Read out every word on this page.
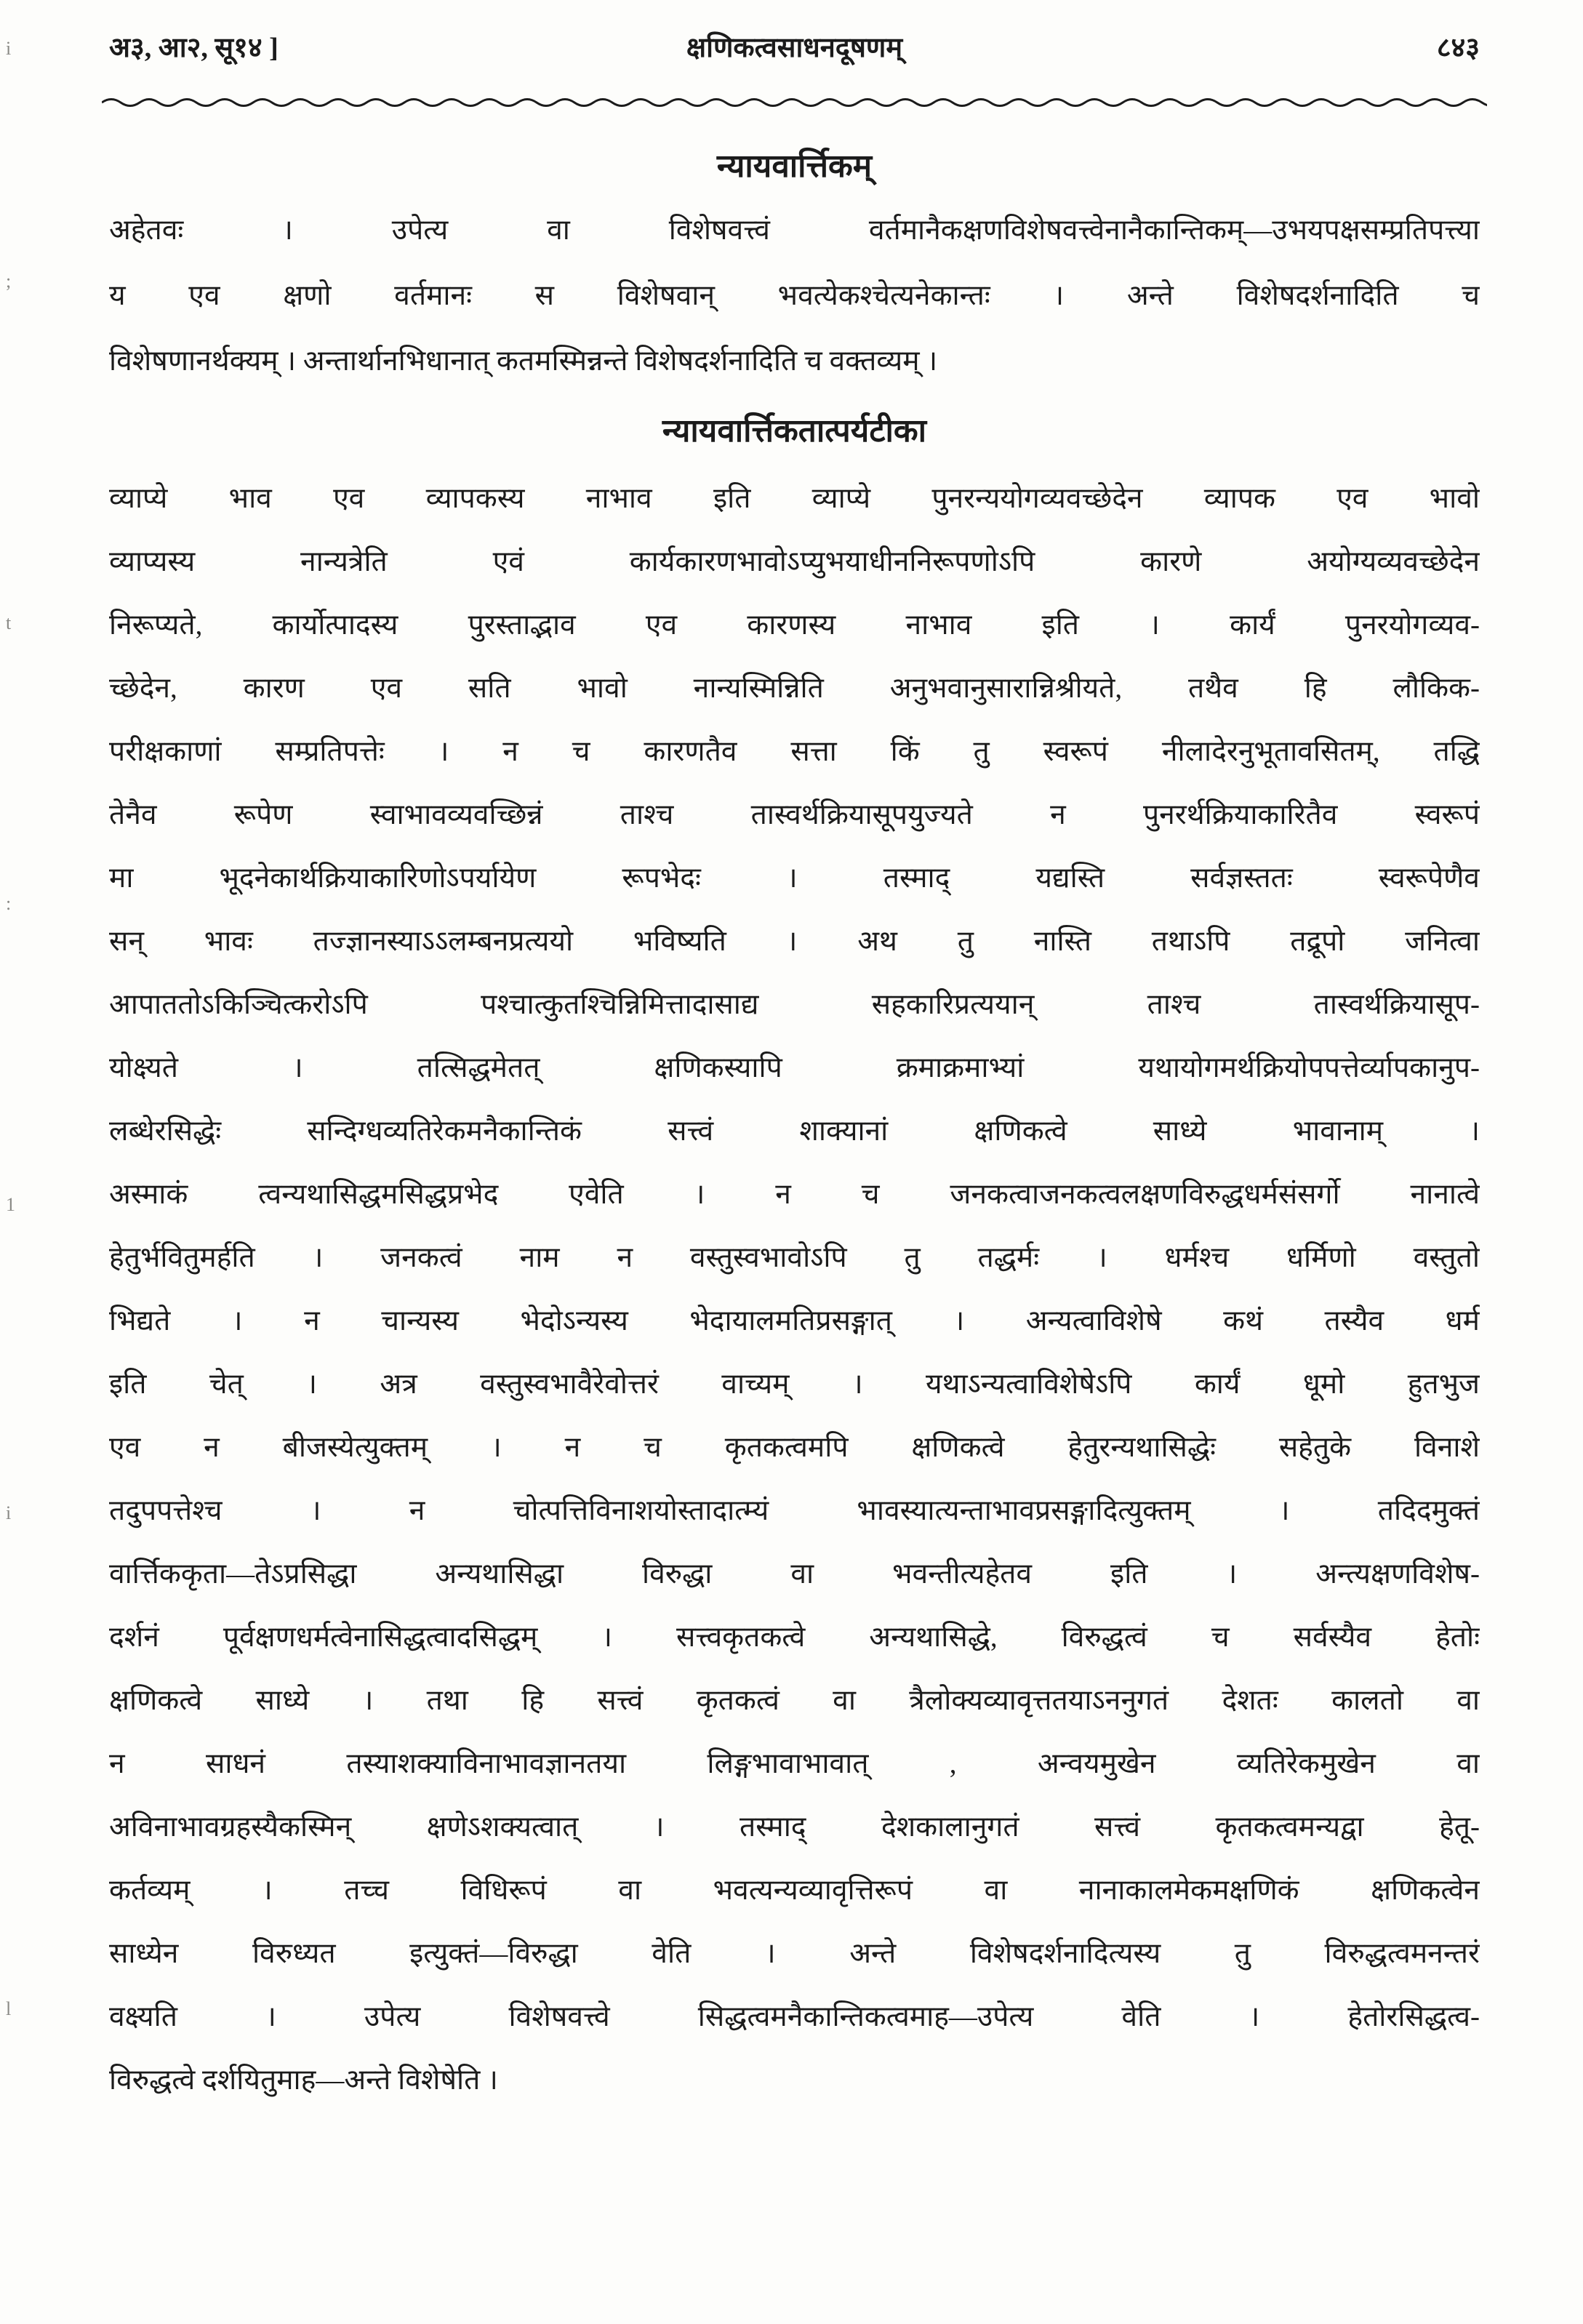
अ३, आ२, सू१४ ]	क्षणिकत्वसाधनदूषणम्	८४३
न्यायवार्त्तिकम्
अहेतवः । उपेत्य वा विशेषवत्त्वं वर्तमानैकक्षणविशेषवत्त्वेनानैकान्तिकम्—उभयपक्षसम्प्रतिपत्त्या
य एव क्षणो वर्तमानः स विशेषवान् भवत्येकश्चेत्यनेकान्तः । अन्ते विशेषदर्शनादिति च
विशेषणानर्थक्यम् । अन्तार्थानभिधानात् कतमस्मिन्नन्ते विशेषदर्शनादिति च वक्तव्यम् ।
न्यायवार्त्तिकतात्पर्यटीका
व्याप्ये भाव एव व्यापकस्य नाभाव इति व्याप्ये पुनरन्ययोगव्यवच्छेदेन व्यापक एव भावो
व्याप्यस्य नान्यत्रेति एवं कार्यकारणभावोऽप्युभयाधीननिरूपणोऽपि कारणे अयोग्यव्यवच्छेदेन
निरूप्यते, कार्योत्पादस्य पुरस्ताद्भाव एव कारणस्य नाभाव इति । कार्यं पुनरयोगव्यव-
च्छेदेन, कारण एव सति भावो नान्यस्मिन्निति अनुभवानुसारान्निश्रीयते, तथैव हि लौकिक-
परीक्षकाणां सम्प्रतिपत्तेः । न च कारणतैव सत्ता किं तु स्वरूपं नीलादेरनुभूतावसितम्, तद्धि
तेनैव रूपेण स्वाभावव्यवच्छिन्नं ताश्च तास्वर्थक्रियासूपयुज्यते न पुनरर्थक्रियाकारितैव स्वरूपं
मा भूदनेकार्थक्रियाकारिणोऽपर्यायेण रूपभेदः । तस्माद् यद्यस्ति सर्वज्ञस्ततः स्वरूपेणैव
सन् भावः तज्ज्ञानस्याऽऽलम्बनप्रत्ययो भविष्यति । अथ तु नास्ति तथाऽपि तद्रूपो जनित्वा
आपाततोऽकिञ्चित्करोऽपि पश्चात्कुतश्चिन्निमित्तादासाद्य सहकारिप्रत्ययान् ताश्च तास्वर्थक्रियासूप-
योक्ष्यते । तत्सिद्धमेतत् क्षणिकस्यापि क्रमाक्रमाभ्यां यथायोगमर्थक्रियोपपत्तेर्व्यापकानुप-
लब्धेरसिद्धेः सन्दिग्धव्यतिरेकमनैकान्तिकं सत्त्वं शाक्यानां क्षणिकत्वे साध्ये भावानाम् ।
अस्माकं त्वन्यथासिद्धमसिद्धप्रभेद एवेति । न च जनकत्वाजनकत्वलक्षणविरुद्धधर्मसंसर्गो नानात्वे
हेतुर्भवितुमर्हति । जनकत्वं नाम न वस्तुस्वभावोऽपि तु तद्धर्मः । धर्मश्च धर्मिणो वस्तुतो
भिद्यते । न चान्यस्य भेदोऽन्यस्य भेदायालमतिप्रसङ्गात् । अन्यत्वाविशेषे कथं तस्यैव धर्म
इति चेत् । अत्र वस्तुस्वभावैरेवोत्तरं वाच्यम् । यथाऽन्यत्वाविशेषेऽपि कार्यं धूमो हुतभुज
एव न बीजस्येत्युक्तम् । न च कृतकत्वमपि क्षणिकत्वे हेतुरन्यथासिद्धेः सहेतुके विनाशे
तदुपपत्तेश्च । न चोत्पत्तिविनाशयोस्तादात्म्यं भावस्यात्यन्ताभावप्रसङ्गादित्युक्तम् । तदिदमुक्तं
वार्त्तिककृता—तेऽप्रसिद्धा अन्यथासिद्धा विरुद्धा वा भवन्तीत्यहेतव इति । अन्त्यक्षणविशेष-
दर्शनं पूर्वक्षणधर्मत्वेनासिद्धत्वादसिद्धम् । सत्त्वकृतकत्वे अन्यथासिद्धे, विरुद्धत्वं च सर्वस्यैव हेतोः
क्षणिकत्वे साध्ये । तथा हि सत्त्वं कृतकत्वं वा त्रैलोक्यव्यावृत्ततयाऽननुगतं देशतः कालतो वा
न साधनं तस्याशक्याविनाभावज्ञानतया लिङ्गभावाभावात् , अन्वयमुखेन व्यतिरेकमुखेन वा
अविनाभावग्रहस्यैकस्मिन् क्षणेऽशक्यत्वात् । तस्माद् देशकालानुगतं सत्त्वं कृतकत्वमन्यद्वा हेतू-
कर्तव्यम् । तच्च विधिरूपं वा भवत्यन्यव्यावृत्तिरूपं वा नानाकालमेकमक्षणिकं क्षणिकत्वेन
साध्येन विरुध्यत इत्युक्तं—विरुद्धा वेति । अन्ते विशेषदर्शनादित्यस्य तु विरुद्धत्वमनन्तरं
वक्ष्यति । उपेत्य विशेषवत्त्वे सिद्धत्वमनैकान्तिकत्वमाह—उपेत्य वेति । हेतोरसिद्धत्व-
विरुद्धत्वे दर्शयितुमाह—अन्ते विशेषेति ।
i
;
t
:
1
i
l
